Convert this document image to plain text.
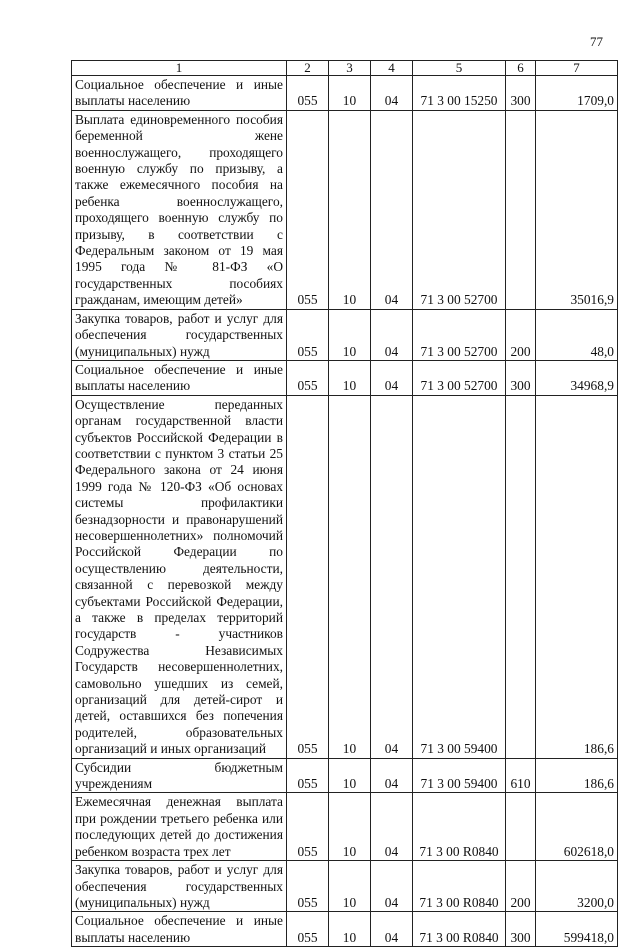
77
1	2	3	4	5	6	7
Социальное обеспечение и иные выплаты населению	055	10	04	71 3 00 15250	300	1709,0
Выплата единовременного пособия беременной жене военнослужащего, проходящего военную службу по призыву, а также ежемесячного пособия на ребенка военнослужащего, проходящего военную службу по призыву, в соответствии с Федеральным законом от 19 мая 1995 года № 81-ФЗ «О государственных пособиях гражданам, имеющим детей»	055	10	04	71 3 00 52700		35016,9
Закупка товаров, работ и услуг для обеспечения государственных (муниципальных) нужд	055	10	04	71 3 00 52700	200	48,0
Социальное обеспечение и иные выплаты населению	055	10	04	71 3 00 52700	300	34968,9
Осуществление переданных органам государственной власти субъектов Российской Федерации в соответствии с пунктом 3 статьи 25 Федерального закона от 24 июня 1999 года № 120-ФЗ «Об основах системы профилактики безнадзорности и правонарушений несовершеннолетних» полномочий Российской Федерации по осуществлению деятельности, связанной с перевозкой между субъектами Российской Федерации, а также в пределах территорий государств - участников Содружества Независимых Государств несовершеннолетних, самовольно ушедших из семей, организаций для детей-сирот и детей, оставшихся без попечения родителей, образовательных организаций и иных организаций	055	10	04	71 3 00 59400		186,6
Субсидии бюджетным учреждениям	055	10	04	71 3 00 59400	610	186,6
Ежемесячная денежная выплата при рождении третьего ребенка или последующих детей до достижения ребенком возраста трех лет	055	10	04	71 3 00 R0840		602618,0
Закупка товаров, работ и услуг для обеспечения государственных (муниципальных) нужд	055	10	04	71 3 00 R0840	200	3200,0
Социальное обеспечение и иные выплаты населению	055	10	04	71 3 00 R0840	300	599418,0
